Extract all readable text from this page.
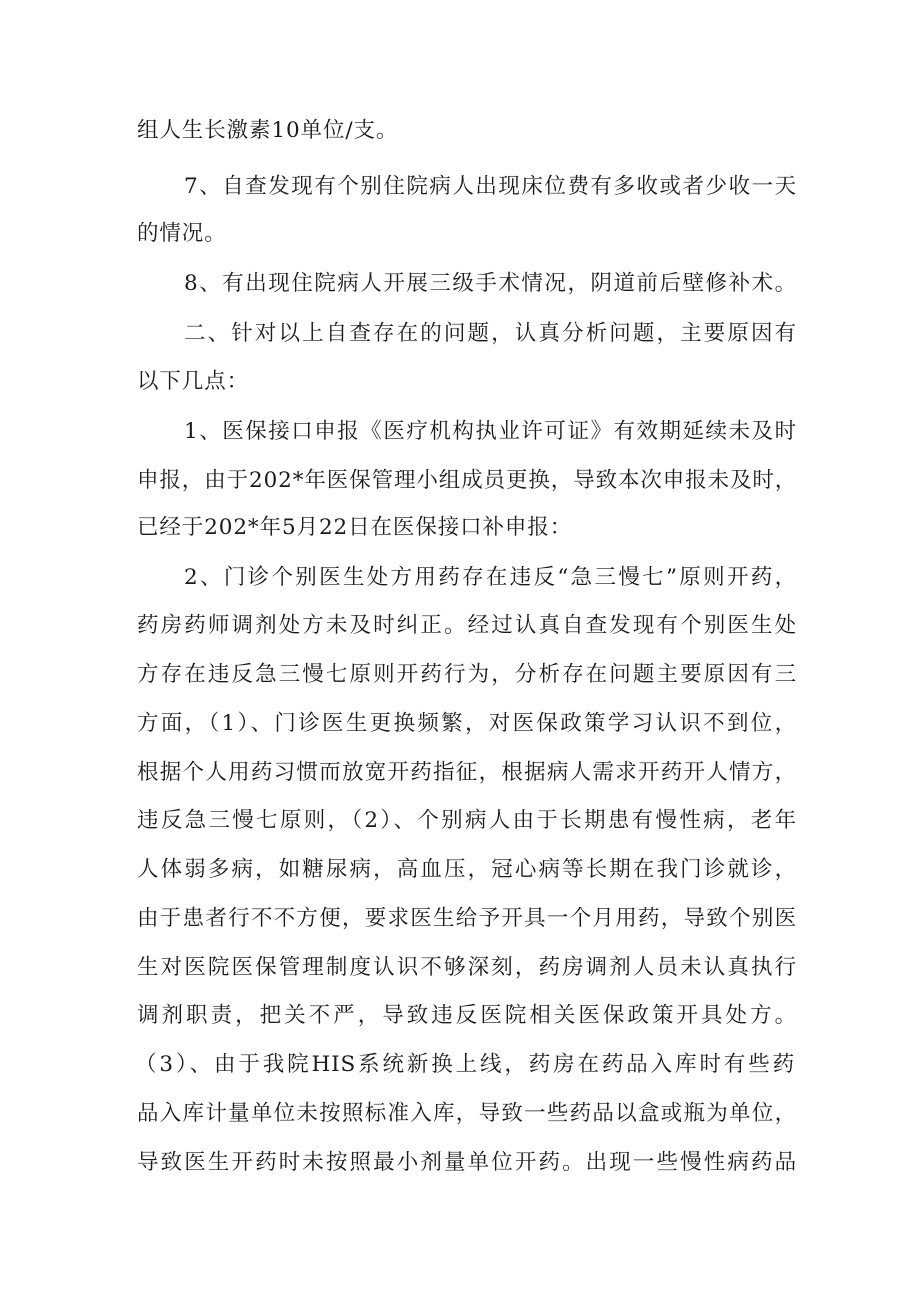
组人生长激素10单位/支。
7、自查发现有个别住院病人出现床位费有多收或者少收一天
的情况。
8、有出现住院病人开展三级手术情况，阴道前后壁修补术。
二、针对以上自查存在的问题，认真分析问题，主要原因有
以下几点：
1、医保接口申报《医疗机构执业许可证》有效期延续未及时
申报，由于202*年医保管理小组成员更换，导致本次申报未及时，
已经于202*年5月22日在医保接口补申报：
2、门诊个别医生处方用药存在违反“急三慢七”原则开药，
药房药师调剂处方未及时纠正。经过认真自查发现有个别医生处
方存在违反急三慢七原则开药行为，分析存在问题主要原因有三
方面，（1）、门诊医生更换频繁，对医保政策学习认识不到位，
根据个人用药习惯而放宽开药指征，根据病人需求开药开人情方，
违反急三慢七原则，（2）、个别病人由于长期患有慢性病，老年
人体弱多病，如糖尿病，高血压，冠心病等长期在我门诊就诊，
由于患者行不不方便，要求医生给予开具一个月用药，导致个别医
生对医院医保管理制度认识不够深刻，药房调剂人员未认真执行
调剂职责，把关不严，导致违反医院相关医保政策开具处方。
（3）、由于我院HIS系统新换上线，药房在药品入库时有些药
品入库计量单位未按照标准入库，导致一些药品以盒或瓶为单位，
导致医生开药时未按照最小剂量单位开药。出现一些慢性病药品
